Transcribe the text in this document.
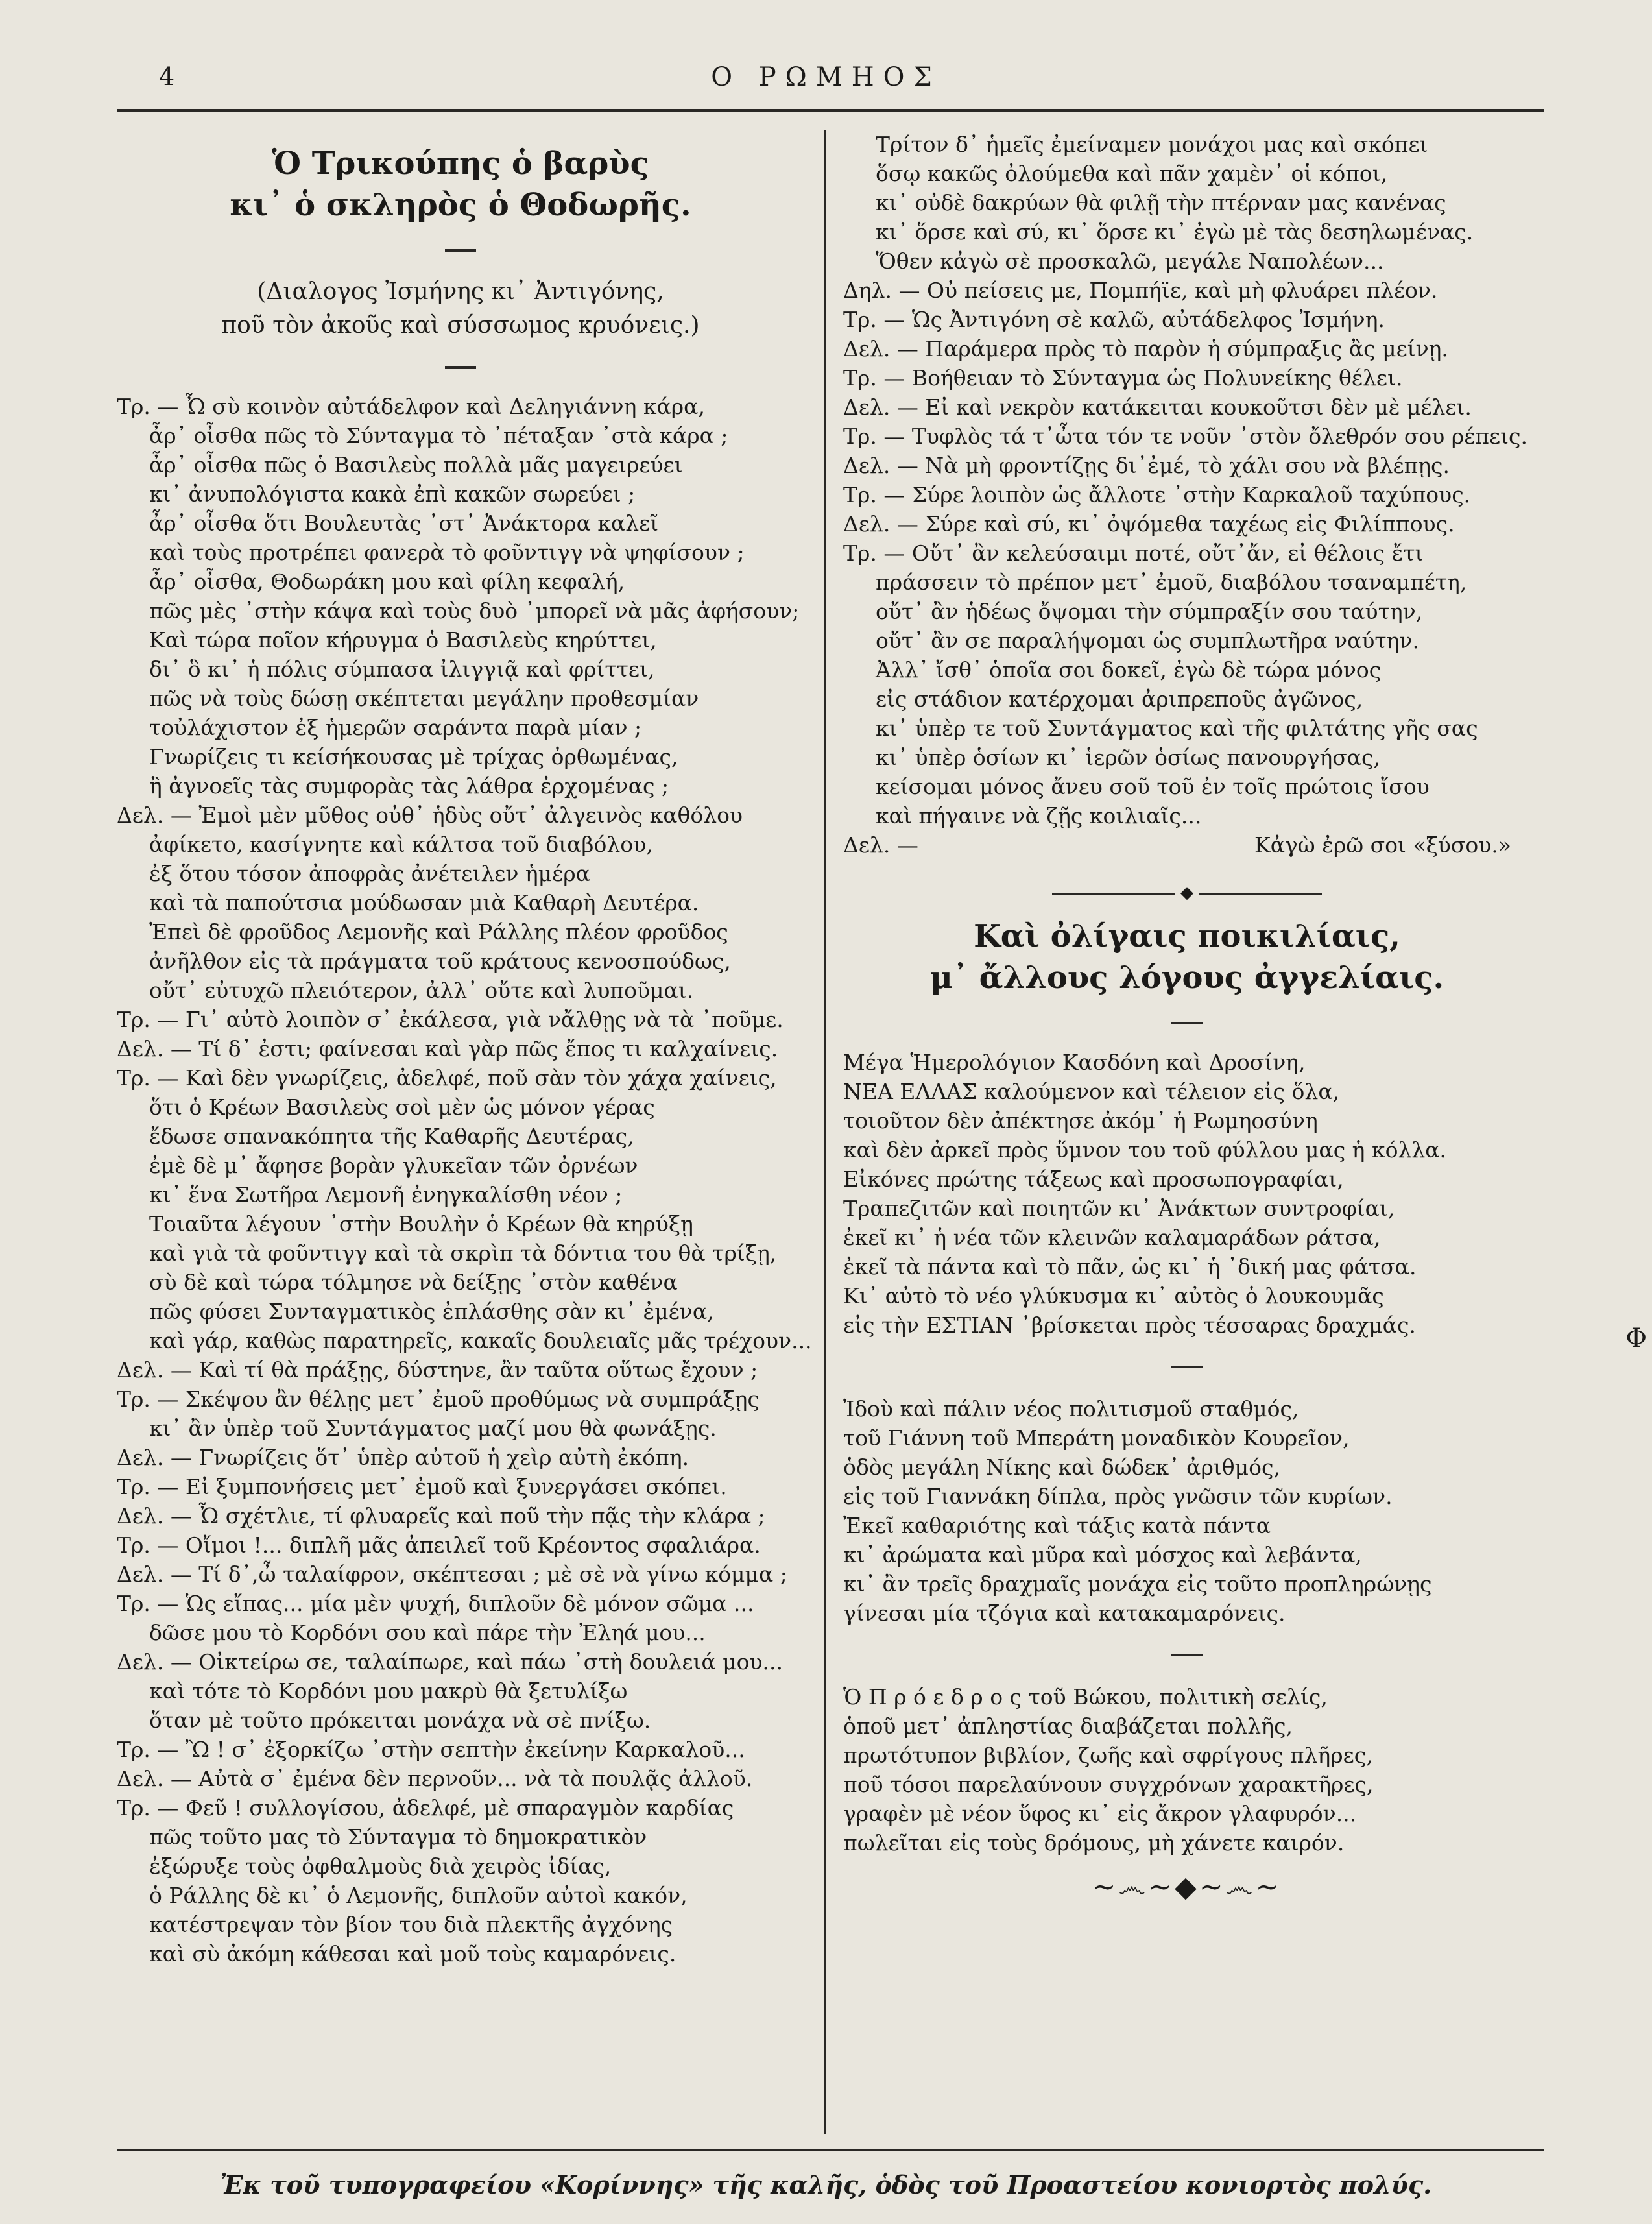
4	Ο ΡΩΜΗΟΣ
Ὁ Τρικούπης ὁ βαρὺς
κι᾽ ὁ σκληρὸς ὁ Θοδωρῆς.
(Διαλογος Ἰσμήνης κι᾽ Ἀντιγόνης,
ποῦ τὸν ἀκοῦς καὶ σύσσωμος κρυόνεις.)
Τρ. — Ὦ σὺ κοινὸν αὐτάδελφον καὶ Δεληγιάννη κάρα,
ἆρ᾽ οἶσθα πῶς τὸ Σύνταγμα τὸ ᾽πέταξαν ᾽στὰ κάρα ;
ἆρ᾽ οἶσθα πῶς ὁ Βασιλεὺς πολλὰ μᾶς μαγειρεύει
κι᾽ ἀνυπολόγιστα κακὰ ἐπὶ κακῶν σωρεύει ;
ἆρ᾽ οἶσθα ὅτι Βουλευτὰς ᾽στ᾽ Ἀνάκτορα καλεῖ
καὶ τοὺς προτρέπει φανερὰ τὸ φοῦντιγγ νὰ ψηφίσουν ;
ἆρ᾽ οἶσθα, Θοδωράκη μου καὶ φίλη κεφαλή,
πῶς μὲς ᾽στὴν κάψα καὶ τοὺς δυὸ ᾽μπορεῖ νὰ μᾶς ἀφήσουν;
Καὶ τώρα ποῖον κήρυγμα ὁ Βασιλεὺς κηρύττει,
δι᾽ ὃ κι᾽ ἡ πόλις σύμπασα ἰλιγγιᾷ καὶ φρίττει,
πῶς νὰ τοὺς δώσῃ σκέπτεται μεγάλην προθεσμίαν
τοὐλάχιστον ἐξ ἡμερῶν σαράντα παρὰ μίαν ;
Γνωρίζεις τι κείσήκουσας μὲ τρίχας ὀρθωμένας,
ἢ ἀγνοεῖς τὰς συμφορὰς τὰς λάθρα ἐρχομένας ;
Δελ. — Ἐμοὶ μὲν μῦθος οὐθ᾽ ἡδὺς οὔτ᾽ ἀλγεινὸς καθόλου
ἀφίκετο, κασίγνητε καὶ κάλτσα τοῦ διαβόλου,
ἐξ ὅτου τόσον ἀποφρὰς ἀνέτειλεν ἡμέρα
καὶ τὰ παπούτσια μούδωσαν μιὰ Καθαρὴ Δευτέρα.
Ἐπεὶ δὲ φροῦδος Λεμονῆς καὶ Ράλλης πλέον φροῦδος
ἀνῆλθον εἰς τὰ πράγματα τοῦ κράτους κενοσπούδως,
οὔτ᾽ εὐτυχῶ πλειότερον, ἀλλ᾽ οὔτε καὶ λυποῦμαι.
Τρ. — Γι᾽ αὐτὸ λοιπὸν σ᾽ ἐκάλεσα, γιὰ νἄλθῃς νὰ τὰ ᾽ποῦμε.
Δελ. — Τί δ᾽ ἐστι; φαίνεσαι καὶ γὰρ πῶς ἔπος τι καλχαίνεις.
Τρ. — Καὶ δὲν γνωρίζεις, ἀδελφέ, ποῦ σὰν τὸν χάχα χαίνεις,
ὅτι ὁ Κρέων Βασιλεὺς σοὶ μὲν ὡς μόνον γέρας
ἔδωσε σπανακόπητα τῆς Καθαρῆς Δευτέρας,
ἐμὲ δὲ μ᾽ ἄφησε βορὰν γλυκεῖαν τῶν ὀρνέων
κι᾽ ἕνα Σωτῆρα Λεμονῆ ἐνηγκαλίσθη νέον ;
Τοιαῦτα λέγουν ᾽στὴν Βουλὴν ὁ Κρέων θὰ κηρύξῃ
καὶ γιὰ τὰ φοῦντιγγ καὶ τὰ σκρὶπ τὰ δόντια του θὰ τρίξῃ,
σὺ δὲ καὶ τώρα τόλμησε νὰ δείξῃς ᾽στὸν καθένα
πῶς φύσει Συνταγματικὸς ἐπλάσθης σὰν κι᾽ ἐμένα,
καὶ γάρ, καθὼς παρατηρεῖς, κακαῖς δουλειαῖς μᾶς τρέχουν...
Δελ. — Καὶ τί θὰ πράξῃς, δύστηνε, ἂν ταῦτα οὕτως ἔχουν ;
Τρ. — Σκέψου ἂν θέλῃς μετ᾽ ἐμοῦ προθύμως νὰ συμπράξῃς
κι᾽ ἂν ὑπὲρ τοῦ Συντάγματος μαζί μου θὰ φωνάξῃς.
Δελ. — Γνωρίζεις ὅτ᾽ ὑπὲρ αὐτοῦ ἡ χεὶρ αὐτὴ ἐκόπη.
Τρ. — Εἰ ξυμπονήσεις μετ᾽ ἐμοῦ καὶ ξυνεργάσει σκόπει.
Δελ. — Ὦ σχέτλιε, τί φλυαρεῖς καὶ ποῦ τὴν πᾷς τὴν κλάρα ;
Τρ. — Οἴμοι !... διπλῆ μᾶς ἀπειλεῖ τοῦ Κρέοντος σφαλιάρα.
Δελ. — Τί δ᾽,ὦ ταλαίφρον, σκέπτεσαι ; μὲ σὲ νὰ γίνω κόμμα ;
Τρ. — Ὡς εἴπας... μία μὲν ψυχή, διπλοῦν δὲ μόνον σῶμα ...
δῶσε μου τὸ Κορδόνι σου καὶ πάρε τὴν Ἐληά μου...
Δελ. — Οἰκτείρω σε, ταλαίπωρε, καὶ πάω ᾽στὴ δουλειά μου...
καὶ τότε τὸ Κορδόνι μου μακρὺ θὰ ξετυλίξω
ὅταν μὲ τοῦτο πρόκειται μονάχα νὰ σὲ πνίξω.
Τρ. — Ὢ ! σ᾽ ἐξορκίζω ᾽στὴν σεπτὴν ἐκείνην Καρκαλοῦ...
Δελ. — Αὐτὰ σ᾽ ἐμένα δὲν περνοῦν... νὰ τὰ πουλᾷς ἀλλοῦ.
Τρ. — Φεῦ ! συλλογίσου, ἀδελφέ, μὲ σπαραγμὸν καρδίας
πῶς τοῦτο μας τὸ Σύνταγμα τὸ δημοκρατικὸν
ἐξώρυξε τοὺς ὀφθαλμοὺς διὰ χειρὸς ἰδίας,
ὁ Ράλλης δὲ κι᾽ ὁ Λεμονῆς, διπλοῦν αὐτοὶ κακόν,
κατέστρεψαν τὸν βίον του διὰ πλεκτῆς ἀγχόνης
καὶ σὺ ἀκόμη κάθεσαι καὶ μοῦ τοὺς καμαρόνεις.
Τρίτον δ᾽ ἡμεῖς ἐμείναμεν μονάχοι μας καὶ σκόπει
ὅσῳ κακῶς ὀλούμεθα καὶ πᾶν χαμὲν᾽ οἱ κόποι,
κι᾽ οὐδὲ δακρύων θὰ φιλῇ τὴν πτέρναν μας κανένας
κι᾽ ὅρσε καὶ σύ, κι᾽ ὅρσε κι᾽ ἐγὼ μὲ τὰς δεσηλωμένας.
Ὅθεν κἀγὼ σὲ προσκαλῶ, μεγάλε Ναπολέων...
Δηλ. — Οὐ πείσεις με, Πομπήϊε, καὶ μὴ φλυάρει πλέον.
Τρ. — Ὡς Ἀντιγόνη σὲ καλῶ, αὐτάδελφος Ἰσμήνη.
Δελ. — Παράμερα πρὸς τὸ παρὸν ἡ σύμπραξις ἂς μείνῃ.
Τρ. — Βοήθειαν τὸ Σύνταγμα ὡς Πολυνείκης θέλει.
Δελ. — Εἰ καὶ νεκρὸν κατάκειται κουκοῦτσι δὲν μὲ μέλει.
Τρ. — Τυφλὸς τά τ᾽ὦτα τόν τε νοῦν ᾽στὸν ὄλεθρόν σου ρέπεις.
Δελ. — Νὰ μὴ φροντίζῃς δι᾽ἐμέ, τὸ χάλι σου νὰ βλέπῃς.
Τρ. — Σύρε λοιπὸν ὡς ἄλλοτε ᾽στὴν Καρκαλοῦ ταχύπους.
Δελ. — Σύρε καὶ σύ, κι᾽ ὀψόμεθα ταχέως εἰς Φιλίππους.
Τρ. — Οὔτ᾽ ἂν κελεύσαιμι ποτέ, οὔτ᾽ἄν, εἰ θέλοις ἔτι
πράσσειν τὸ πρέπον μετ᾽ ἐμοῦ, διαβόλου τσαναμπέτη,
οὔτ᾽ ἂν ἡδέως ὄψομαι τὴν σύμπραξίν σου ταύτην,
οὔτ᾽ ἂν σε παραλήψομαι ὡς συμπλωτῆρα ναύτην.
Ἀλλ᾽ ἴσθ᾽ ὁποῖα σοι δοκεῖ, ἐγὼ δὲ τώρα μόνος
εἰς στάδιον κατέρχομαι ἀριπρεποῦς ἀγῶνος,
κι᾽ ὑπὲρ τε τοῦ Συντάγματος καὶ τῆς φιλτάτης γῆς σας
κι᾽ ὑπὲρ ὁσίων κι᾽ ἱερῶν ὁσίως πανουργήσας,
κείσομαι μόνος ἄνευ σοῦ τοῦ ἐν τοῖς πρώτοις ἴσου
καὶ πήγαινε νὰ ζῇς κοιλιαῖς...
Δελ. —	Κἀγὼ ἐρῶ σοι «ξύσου.»
◆
Καὶ ὀλίγαις ποικιλίαις,
μ᾽ ἄλλους λόγους ἀγγελίαις.
Μέγα Ἡμερολόγιον Κασδόνη καὶ Δροσίνη,
ΝΕΑ ΕΛΛΑΣ καλούμενον καὶ τέλειον εἰς ὅλα,
τοιοῦτον δὲν ἀπέκτησε ἀκόμ᾽ ἡ Ρωμηοσύνη
καὶ δὲν ἀρκεῖ πρὸς ὕμνον του τοῦ φύλλου μας ἡ κόλλα.
Εἰκόνες πρώτης τάξεως καὶ προσωπογραφίαι,
Τραπεζιτῶν καὶ ποιητῶν κι᾽ Ἀνάκτων συντροφίαι,
ἐκεῖ κι᾽ ἡ νέα τῶν κλεινῶν καλαμαράδων ράτσα,
ἐκεῖ τὰ πάντα καὶ τὸ πᾶν, ὡς κι᾽ ἡ ᾽δική μας φάτσα.
Κι᾽ αὐτὸ τὸ νέο γλύκυσμα κι᾽ αὐτὸς ὁ λουκουμᾶς
εἰς τὴν ΕΣΤΙΑΝ ᾽βρίσκεται πρὸς τέσσαρας δραχμάς.
Ἰδοὺ καὶ πάλιν νέος πολιτισμοῦ σταθμός,
τοῦ Γιάννη τοῦ Μπεράτη μοναδικὸν Κουρεῖον,
ὁδὸς μεγάλη Νίκης καὶ δώδεκ᾽ ἀριθμός,
εἰς τοῦ Γιαννάκη δίπλα, πρὸς γνῶσιν τῶν κυρίων.
Ἐκεῖ καθαριότης καὶ τάξις κατὰ πάντα
κι᾽ ἀρώματα καὶ μῦρα καὶ μόσχος καὶ λεβάντα,
κι᾽ ἂν τρεῖς δραχμαῖς μονάχα εἰς τοῦτο προπληρώνῃς
γίνεσαι μία τζόγια καὶ κατακαμαρόνεις.
Ὁ Π ρ ό ε δ ρ ο ς τοῦ Βώκου, πολιτικὴ σελίς,
ὁποῦ μετ᾽ ἀπληστίας διαβάζεται πολλῆς,
πρωτότυπον βιβλίον, ζωῆς καὶ σφρίγους πλῆρες,
ποῦ τόσοι παρελαύνουν συγχρόνων χαρακτῆρες,
γραφὲν μὲ νέον ὕφος κι᾽ εἰς ἄκρον γλαφυρόν...
πωλεῖται εἰς τοὺς δρόμους, μὴ χάνετε καιρόν.
~෴~◆~෴~
Ἐκ τοῦ τυπογραφείου «Κορίννης» τῆς καλῆς, ὁδὸς τοῦ Προαστείου κονιορτὸς πολύς.
Φ
